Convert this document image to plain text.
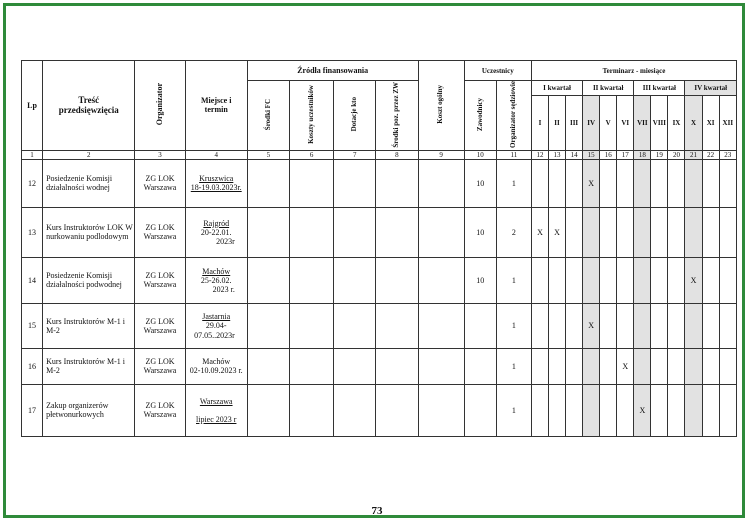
Lp	Treść przedsięwzięcia	Organizator	Miejsce i termin	Źródła finansowania				Koszt ogólny	Uczestnicy		Terminarz - miesiące											
				Środki FC	Koszty uczestników	Dotacje kto	Środki poz. przez ZW		Zawodnicy	Organizator sędziowie	I kwartał			II kwartał			III kwartał			IV kwartał		
											I	II	III	IV	V	VI	VII	VIII	IX	X	XI	XII
1	2	3	4	5	6	7	8	9	10	11	12	13	14	15	16	17	18	19	20	21	22	23
12	Posiedzenie Komisji działalności wodnej	ZG LOK Warszawa	Kruszwica
18-19.03.2023r.						10	1				X								
13	Kurs Instruktorów LOK W nurkowaniu podlodowym	ZG LOK Warszawa	Rajgród
20-22.01.
2023r						10	2	X	X										
14	Posiedzenie Komisji działalności podwodnej	ZG LOK Warszawa	Machów
25-26.02.
2023 r.						10	1										X		
15	Kurs Instruktorów M-1 i M-2	ZG LOK Warszawa	Jastarnia
29.04-
07.05..2023r							1				X								
16	Kurs Instruktorów M-1 i M-2	ZG LOK Warszawa	Machów
02-10.09.2023 r.							1						X						
17	Zakup organizerów płetwonurkowych	ZG LOK Warszawa	Warszawa

lipiec 2023 r							1							X					
73
